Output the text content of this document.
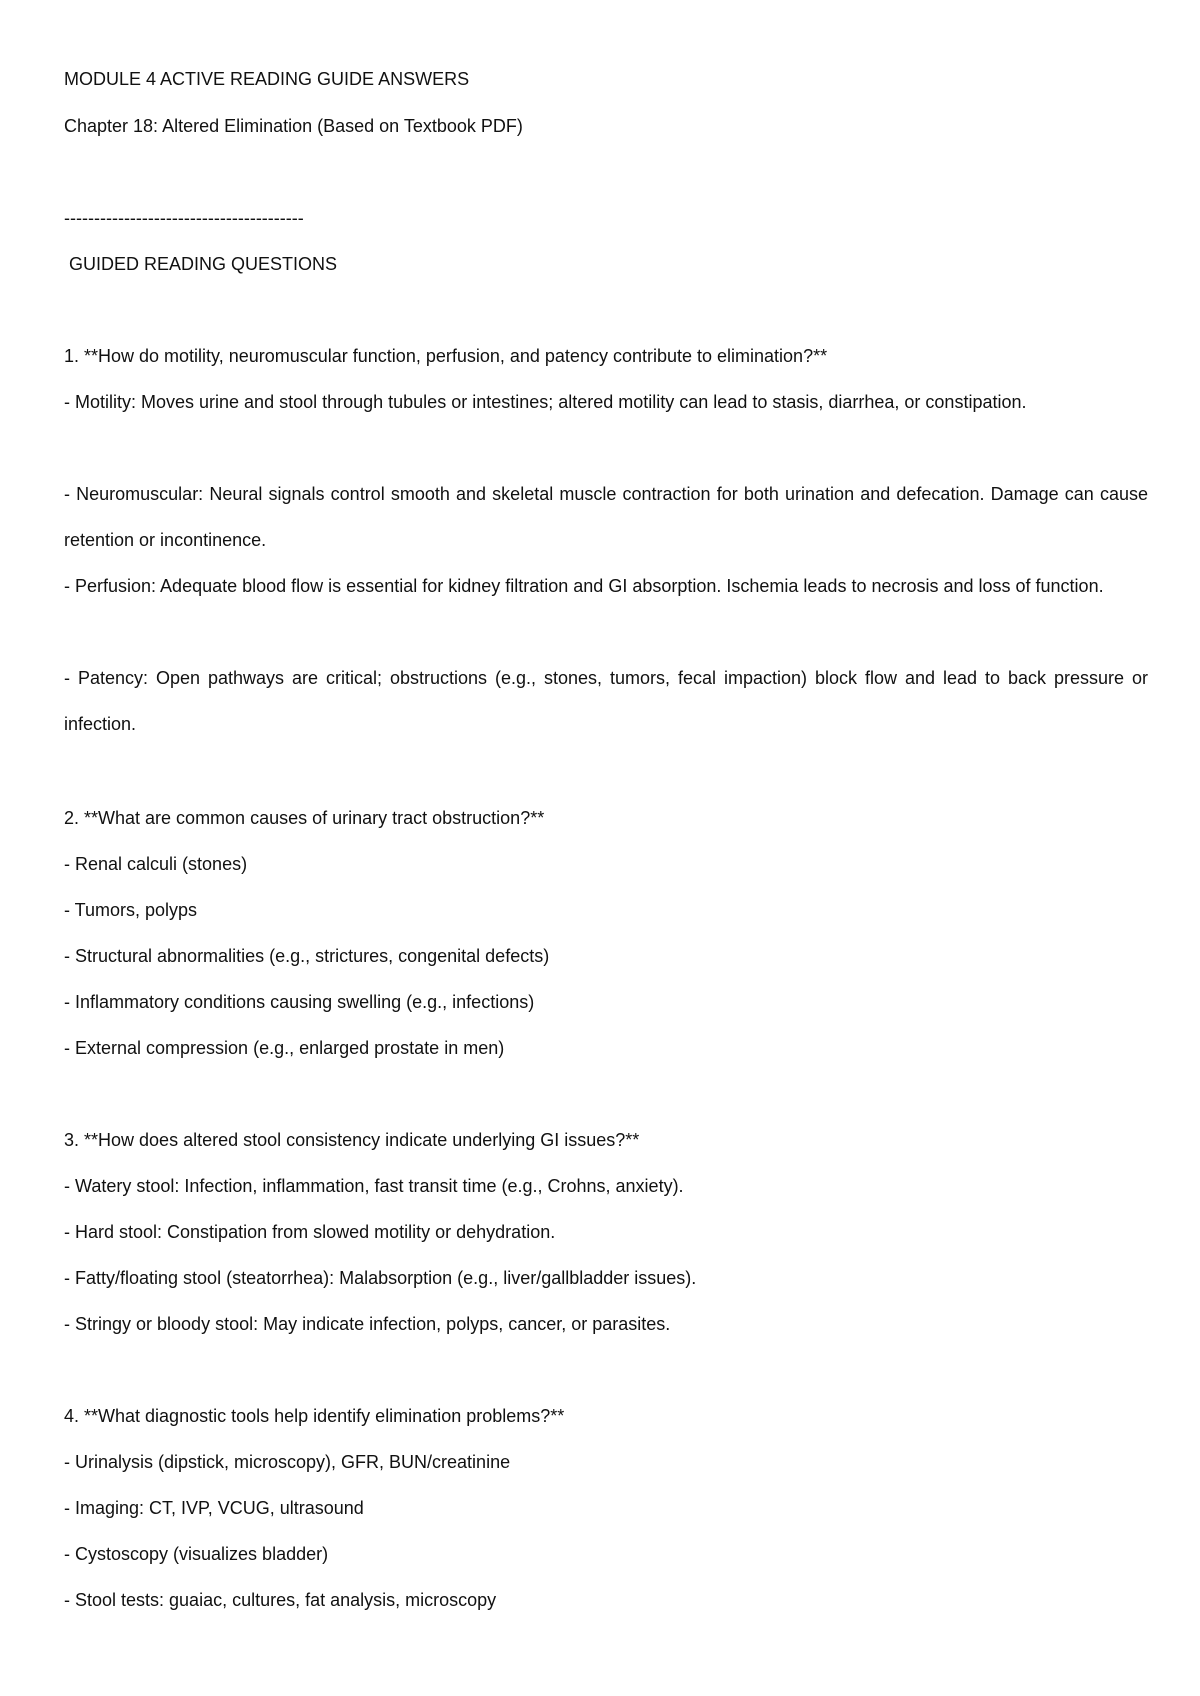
MODULE 4 ACTIVE READING GUIDE ANSWERS
Chapter 18: Altered Elimination (Based on Textbook PDF)
----------------------------------------
GUIDED READING QUESTIONS
1. **How do motility, neuromuscular function, perfusion, and patency contribute to elimination?**
- Motility: Moves urine and stool through tubules or intestines; altered motility can lead to stasis, diarrhea, or constipation.
- Neuromuscular: Neural signals control smooth and skeletal muscle contraction for both urination and defecation. Damage can cause retention or incontinence.
- Perfusion: Adequate blood flow is essential for kidney filtration and GI absorption. Ischemia leads to necrosis and loss of function.
- Patency: Open pathways are critical; obstructions (e.g., stones, tumors, fecal impaction) block flow and lead to back pressure or infection.
2. **What are common causes of urinary tract obstruction?**
- Renal calculi (stones)
- Tumors, polyps
- Structural abnormalities (e.g., strictures, congenital defects)
- Inflammatory conditions causing swelling (e.g., infections)
- External compression (e.g., enlarged prostate in men)
3. **How does altered stool consistency indicate underlying GI issues?**
- Watery stool: Infection, inflammation, fast transit time (e.g., Crohns, anxiety).
- Hard stool: Constipation from slowed motility or dehydration.
- Fatty/floating stool (steatorrhea): Malabsorption (e.g., liver/gallbladder issues).
- Stringy or bloody stool: May indicate infection, polyps, cancer, or parasites.
4. **What diagnostic tools help identify elimination problems?**
- Urinalysis (dipstick, microscopy), GFR, BUN/creatinine
- Imaging: CT, IVP, VCUG, ultrasound
- Cystoscopy (visualizes bladder)
- Stool tests: guaiac, cultures, fat analysis, microscopy
